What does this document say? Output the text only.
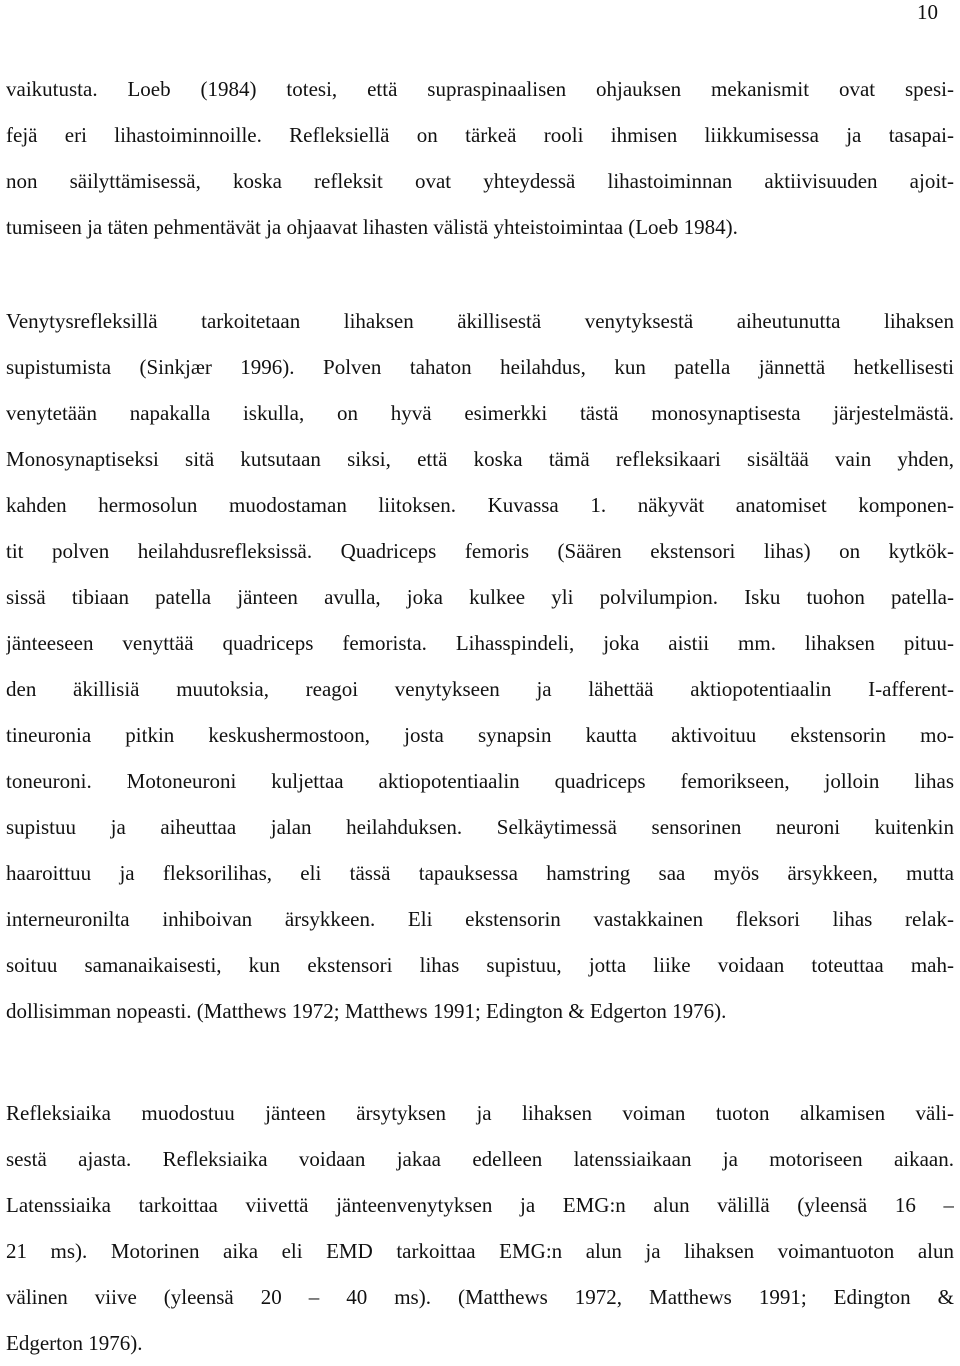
10
vaikutusta. Loeb (1984) totesi, että supraspinaalisen ohjauksen mekanismit ovat spesi-
fejä eri lihastoiminnoille. Refleksiellä on tärkeä rooli ihmisen liikkumisessa ja tasapai-
non säilyttämisessä, koska refleksit ovat yhteydessä lihastoiminnan aktiivisuuden ajoit-
tumiseen ja täten pehmentävät ja ohjaavat lihasten välistä yhteistoimintaa (Loeb 1984).
Venytysrefleksillä tarkoitetaan lihaksen äkillisestä venytyksestä aiheutunutta lihaksen
supistumista (Sinkjær 1996). Polven tahaton heilahdus, kun patella jännettä hetkellisesti
venytetään napakalla iskulla, on hyvä esimerkki tästä monosynaptisesta järjestelmästä.
Monosynaptiseksi sitä kutsutaan siksi, että koska tämä refleksikaari sisältää vain yhden,
kahden hermosolun muodostaman liitoksen. Kuvassa 1. näkyvät anatomiset komponen-
tit polven heilahdusrefleksissä. Quadriceps femoris (Säären ekstensori lihas) on kytkök-
sissä tibiaan patella jänteen avulla, joka kulkee yli polvilumpion. Isku tuohon patella-
jänteeseen venyttää quadriceps femorista. Lihasspindeli, joka aistii mm. lihaksen pituu-
den äkillisiä muutoksia, reagoi venytykseen ja lähettää aktiopotentiaalin I-afferent-
tineuronia pitkin keskushermostoon, josta synapsin kautta aktivoituu ekstensorin mo-
toneuroni. Motoneuroni kuljettaa aktiopotentiaalin quadriceps femorikseen, jolloin lihas
supistuu ja aiheuttaa jalan heilahduksen. Selkäytimessä sensorinen neuroni kuitenkin
haaroittuu ja fleksorilihas, eli tässä tapauksessa hamstring saa myös ärsykkeen, mutta
interneuronilta inhiboivan ärsykkeen. Eli ekstensorin vastakkainen fleksori lihas relak-
soituu samanaikaisesti, kun ekstensori lihas supistuu, jotta liike voidaan toteuttaa mah-
dollisimman nopeasti. (Matthews 1972; Matthews 1991; Edington & Edgerton 1976).
Refleksiaika muodostuu jänteen ärsytyksen ja lihaksen voiman tuoton alkamisen väli-
sestä ajasta. Refleksiaika voidaan jakaa edelleen latenssiaikaan ja motoriseen aikaan.
Latenssiaika tarkoittaa viivettä jänteenvenytyksen ja EMG:n alun välillä (yleensä 16 –
21 ms). Motorinen aika eli EMD tarkoittaa EMG:n alun ja lihaksen voimantuoton alun
välinen viive (yleensä 20 – 40 ms). (Matthews 1972, Matthews 1991; Edington &
Edgerton 1976).
